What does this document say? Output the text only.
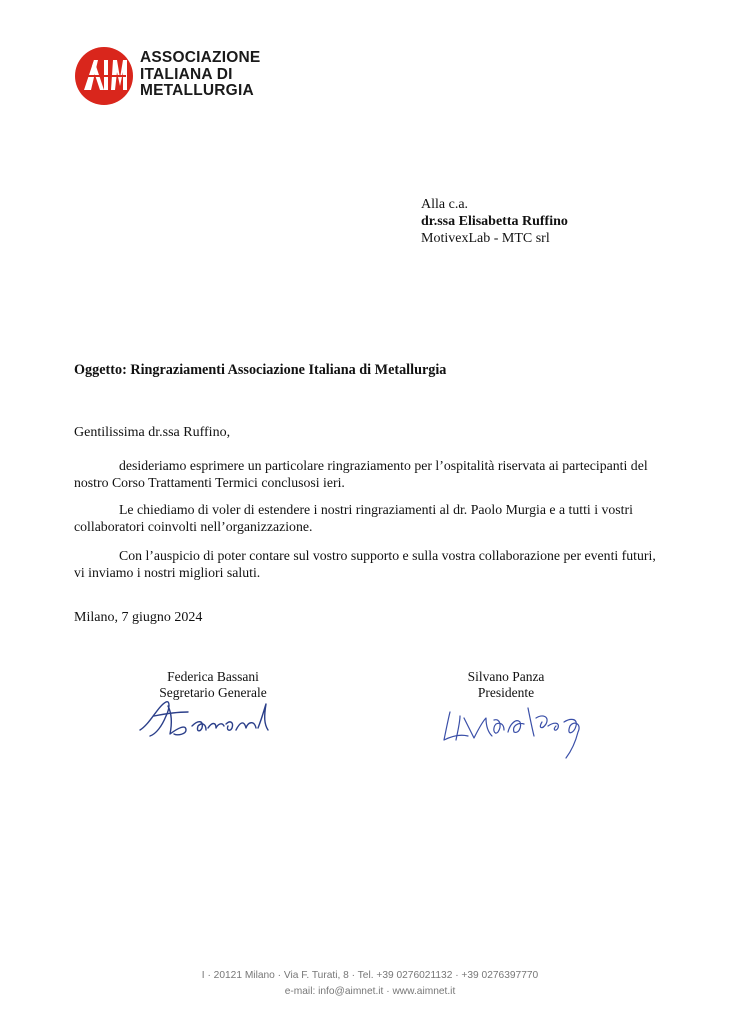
ASSOCIAZIONE
ITALIANA DI
METALLURGIA
Alla c.a.
dr.ssa Elisabetta Ruffino
MotivexLab - MTC srl
Oggetto: Ringraziamenti Associazione Italiana di Metallurgia
Gentilissima dr.ssa Ruffino,
desideriamo esprimere un particolare ringraziamento per l’ospitalità riservata ai partecipanti del nostro Corso Trattamenti Termici conclusosi ieri.
Le chiediamo di voler di estendere i nostri ringraziamenti al dr. Paolo Murgia e a tutti i vostri collaboratori coinvolti nell’organizzazione.
Con l’auspicio di poter contare sul vostro supporto e sulla vostra collaborazione per eventi futuri, vi inviamo i nostri migliori saluti.
Milano, 7 giugno 2024
Federica Bassani
Segretario Generale
Silvano Panza
Presidente
I · 20121 Milano · Via F. Turati, 8 · Tel. +39 0276021132 · +39 0276397770
e-mail: info@aimnet.it · www.aimnet.it
